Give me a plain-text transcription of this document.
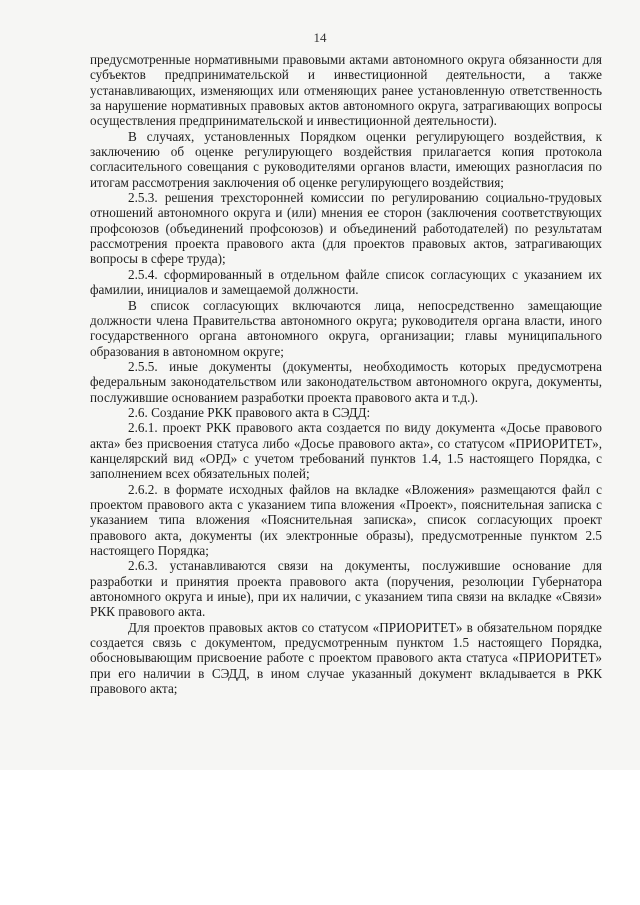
14

предусмотренные нормативными правовыми актами автономного округа обязанности для субъектов предпринимательской и инвестиционной деятельности, а также устанавливающих, изменяющих или отменяющих ранее установленную ответственность за нарушение нормативных правовых актов автономного округа, затрагивающих вопросы осуществления предпринимательской и инвестиционной деятельности).

В случаях, установленных Порядком оценки регулирующего воздействия, к заключению об оценке регулирующего воздействия прилагается копия протокола согласительного совещания с руководителями органов власти, имеющих разногласия по итогам рассмотрения заключения об оценке регулирующего воздействия;

2.5.3. решения трехсторонней комиссии по регулированию социально-трудовых отношений автономного округа и (или) мнения ее сторон (заключения соответствующих профсоюзов (объединений профсоюзов) и объединений работодателей) по результатам рассмотрения проекта правового акта (для проектов правовых актов, затрагивающих вопросы в сфере труда);

2.5.4. сформированный в отдельном файле список согласующих с указанием их фамилии, инициалов и замещаемой должности.

В список согласующих включаются лица, непосредственно замещающие должности члена Правительства автономного округа; руководителя органа власти, иного государственного органа автономного округа, организации; главы муниципального образования в автономном округе;

2.5.5. иные документы (документы, необходимость которых предусмотрена федеральным законодательством или законодательством автономного округа, документы, послужившие основанием разработки проекта правового акта и т.д.).

2.6. Создание РКК правового акта в СЭДД:

2.6.1. проект РКК правового акта создается по виду документа «Досье правового акта» без присвоения статуса либо «Досье правового акта», со статусом «ПРИОРИТЕТ», канцелярский вид «ОРД» с учетом требований пунктов 1.4, 1.5 настоящего Порядка, с заполнением всех обязательных полей;

2.6.2. в формате исходных файлов на вкладке «Вложения» размещаются файл с проектом правового акта с указанием типа вложения «Проект», пояснительная записка с указанием типа вложения «Пояснительная записка», список согласующих проект правового акта, документы (их электронные образы), предусмотренные пунктом 2.5 настоящего Порядка;

2.6.3. устанавливаются связи на документы, послужившие основание для разработки и принятия проекта правового акта (поручения, резолюции Губернатора автономного округа и иные), при их наличии, с указанием типа связи на вкладке «Связи» РКК правового акта.

Для проектов правовых актов со статусом «ПРИОРИТЕТ» в обязательном порядке создается связь с документом, предусмотренным пунктом 1.5 настоящего Порядка, обосновывающим присвоение работе с проектом правового акта статуса «ПРИОРИТЕТ» при его наличии в СЭДД, в ином случае указанный документ вкладывается в РКК правового акта;
